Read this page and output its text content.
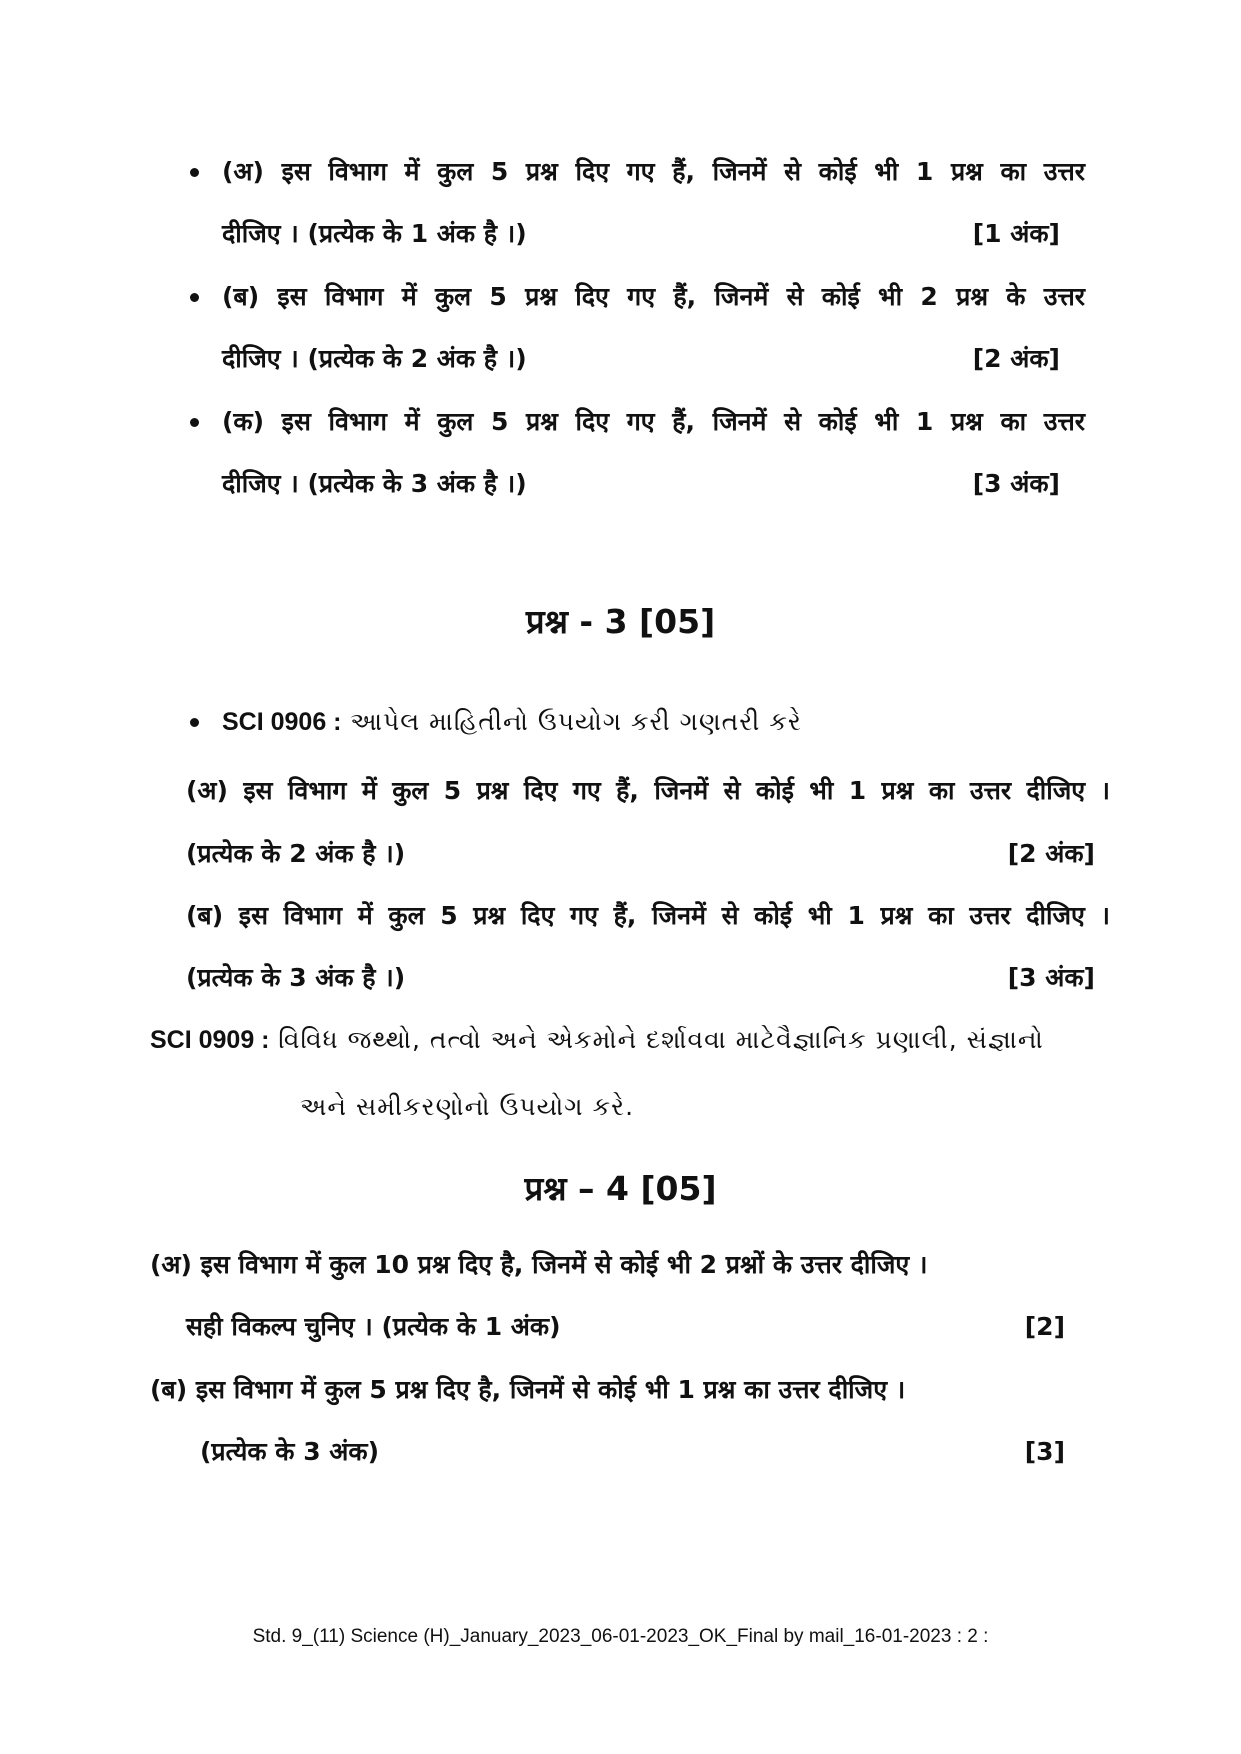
(अ) इस विभाग में कुल 5 प्रश्न दिए गए हैं, जिनमें से कोई भी 1 प्रश्न का उत्तर
दीजिए । (प्रत्येक के 1 अंक है ।)	[1 अंक]
(ब) इस विभाग में कुल 5 प्रश्न दिए गए हैं, जिनमें से कोई भी 2 प्रश्न के उत्तर
दीजिए । (प्रत्येक के 2 अंक है ।)	[2 अंक]
(क) इस विभाग में कुल 5 प्रश्न दिए गए हैं, जिनमें से कोई भी 1 प्रश्न का उत्तर
दीजिए । (प्रत्येक के 3 अंक है ।)	[3 अंक]
प्रश्न - 3 [05]
SCI 0906 : આપેલ માહિતીનો ઉપયોગ કરી ગણતરી કરે
(अ) इस विभाग में कुल 5 प्रश्न दिए गए हैं, जिनमें से कोई भी 1 प्रश्न का उत्तर दीजिए ।
(प्रत्येक के 2 अंक है ।)	[2 अंक]
(ब) इस विभाग में कुल 5 प्रश्न दिए गए हैं, जिनमें से कोई भी 1 प्रश्न का उत्तर दीजिए ।
(प्रत्येक के 3 अंक है ।)	[3 अंक]
SCI 0909 : વિવિધ જથ્થો, તત્વો અને એકમોને દર્શાવવા માટેવૈજ્ઞાનિક પ્રણાલી, સંજ્ઞાનો
અને સમીકરણોનો ઉપયોગ કરે.
प्रश्न – 4 [05]
(अ) इस विभाग में कुल 10 प्रश्न दिए है, जिनमें से कोई भी 2 प्रश्नों के उत्तर दीजिए ।
सही विकल्प चुनिए । (प्रत्येक के 1 अंक)	[2]
(ब) इस विभाग में कुल 5 प्रश्न दिए है, जिनमें से कोई भी 1 प्रश्न का उत्तर दीजिए ।
(प्रत्येक के 3 अंक)	[3]
Std. 9_(11) Science (H)_January_2023_06-01-2023_OK_Final by mail_16-01-2023 : 2 :
